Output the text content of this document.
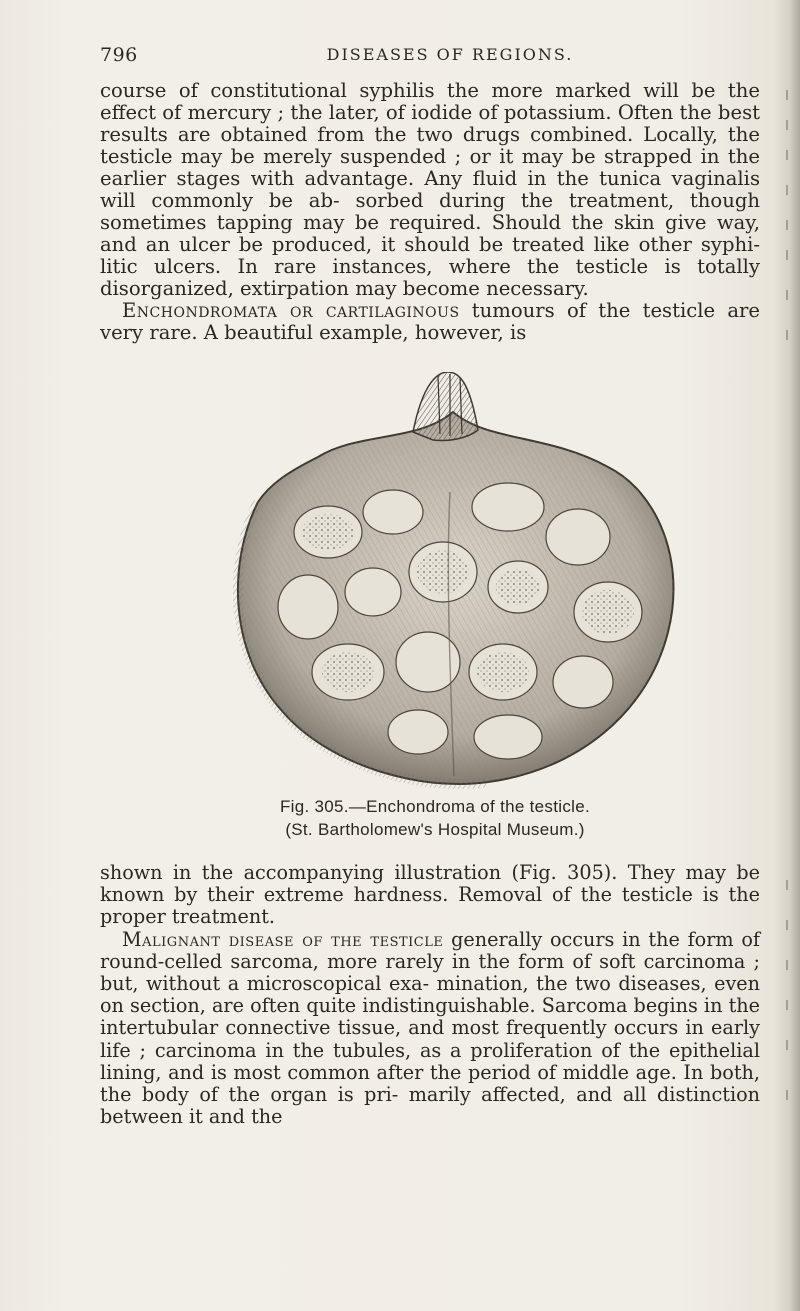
796	DISEASES OF REGIONS.

course of constitutional syphilis the more marked will be the effect of mercury ; the later, of iodide of potassium. Often the best results are obtained from the two drugs combined. Locally, the testicle may be merely suspended ; or it may be strapped in the earlier stages with advantage. Any fluid in the tunica vaginalis will commonly be ab- sorbed during the treatment, though sometimes tapping may be required. Should the skin give way, and an ulcer be produced, it should be treated like other syphi- litic ulcers. In rare instances, where the testicle is totally disorganized, extirpation may become necessary.

Enchondromata or cartilaginous tumours of the testicle are very rare. A beautiful example, however, is

Fig. 305.—Enchondroma of the testicle.
(St. Bartholomew's Hospital Museum.)

shown in the accompanying illustration (Fig. 305). They may be known by their extreme hardness. Removal of the testicle is the proper treatment.

Malignant disease of the testicle generally occurs in the form of round-celled sarcoma, more rarely in the form of soft carcinoma ; but, without a microscopical exa- mination, the two diseases, even on section, are often quite indistinguishable. Sarcoma begins in the intertubular connective tissue, and most frequently occurs in early life ; carcinoma in the tubules, as a proliferation of the epithelial lining, and is most common after the period of middle age. In both, the body of the organ is pri- marily affected, and all distinction between it and the
